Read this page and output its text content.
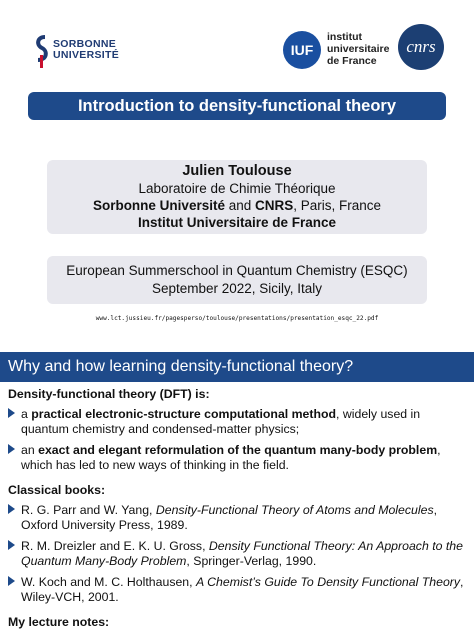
SORBONNE
UNIVERSITÉ	IUF
institut
universitaire
de France
cnrs
Introduction to density-functional theory
Julien Toulouse
Laboratoire de Chimie Théorique
Sorbonne Université and CNRS, Paris, France
Institut Universitaire de France
European Summerschool in Quantum Chemistry (ESQC)
September 2022, Sicily, Italy
www.lct.jussieu.fr/pagesperso/toulouse/presentations/presentation_esqc_22.pdf
Why and how learning density-functional theory?
Density-functional theory (DFT) is:
a practical electronic-structure computational method, widely used in quantum chemistry and condensed-matter physics;
an exact and elegant reformulation of the quantum many-body problem, which has led to new ways of thinking in the field.
Classical books:
R. G. Parr and W. Yang, Density-Functional Theory of Atoms and Molecules, Oxford University Press, 1989.
R. M. Dreizler and E. K. U. Gross, Density Functional Theory: An Approach to the Quantum Many-Body Problem, Springer-Verlag, 1990.
W. Koch and M. C. Holthausen, A Chemist’s Guide To Density Functional Theory, Wiley-VCH, 2001.
My lecture notes:
